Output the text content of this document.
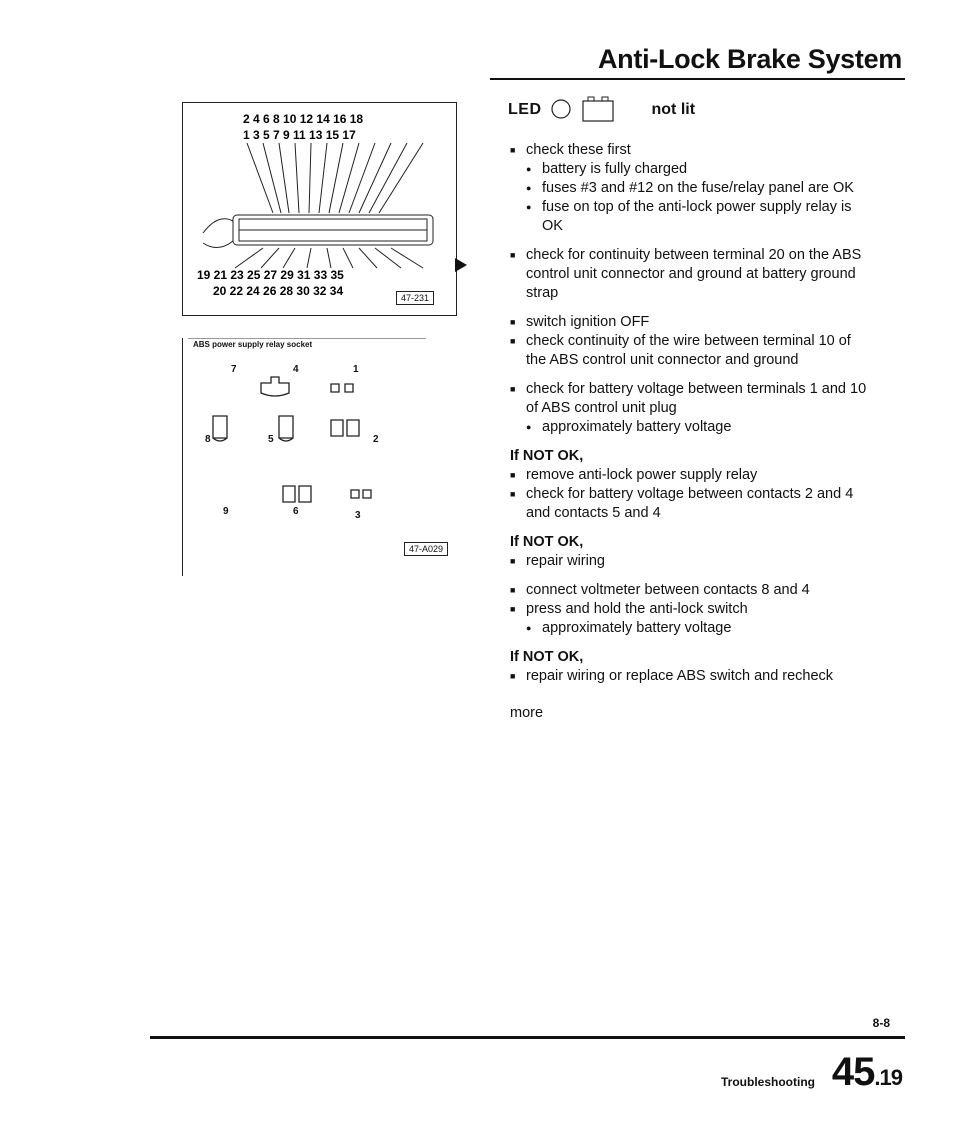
Anti-Lock Brake System
2 4 6 8 10 12 14 16 18
1 3 5 7 9 11 13 15 17
19 21 23 25 27 29 31 33 35
20 22 24 26 28 30 32 34	47-231
ABS power supply relay socket
7	4	1
8	5	2
9	6	3
47-A029
LED	not lit
■ check these first
● battery is fully charged
● fuses #3 and #12 on the fuse/relay panel are OK
● fuse on top of the anti-lock power supply relay is OK
■ check for continuity between terminal 20 on the ABS control unit connector and ground at battery ground strap
■ switch ignition OFF
■ check continuity of the wire between terminal 10 of the ABS control unit connector and ground
■ check for battery voltage between terminals 1 and 10 of ABS control unit plug
● approximately battery voltage
If NOT OK,
■ remove anti-lock power supply relay
■ check for battery voltage between contacts 2 and 4 and contacts 5 and 4
If NOT OK,
■ repair wiring
■ connect voltmeter between contacts 8 and 4
■ press and hold the anti-lock switch
● approximately battery voltage
If NOT OK,
■ repair wiring or replace ABS switch and recheck
more
8-8
Troubleshooting 45.19
